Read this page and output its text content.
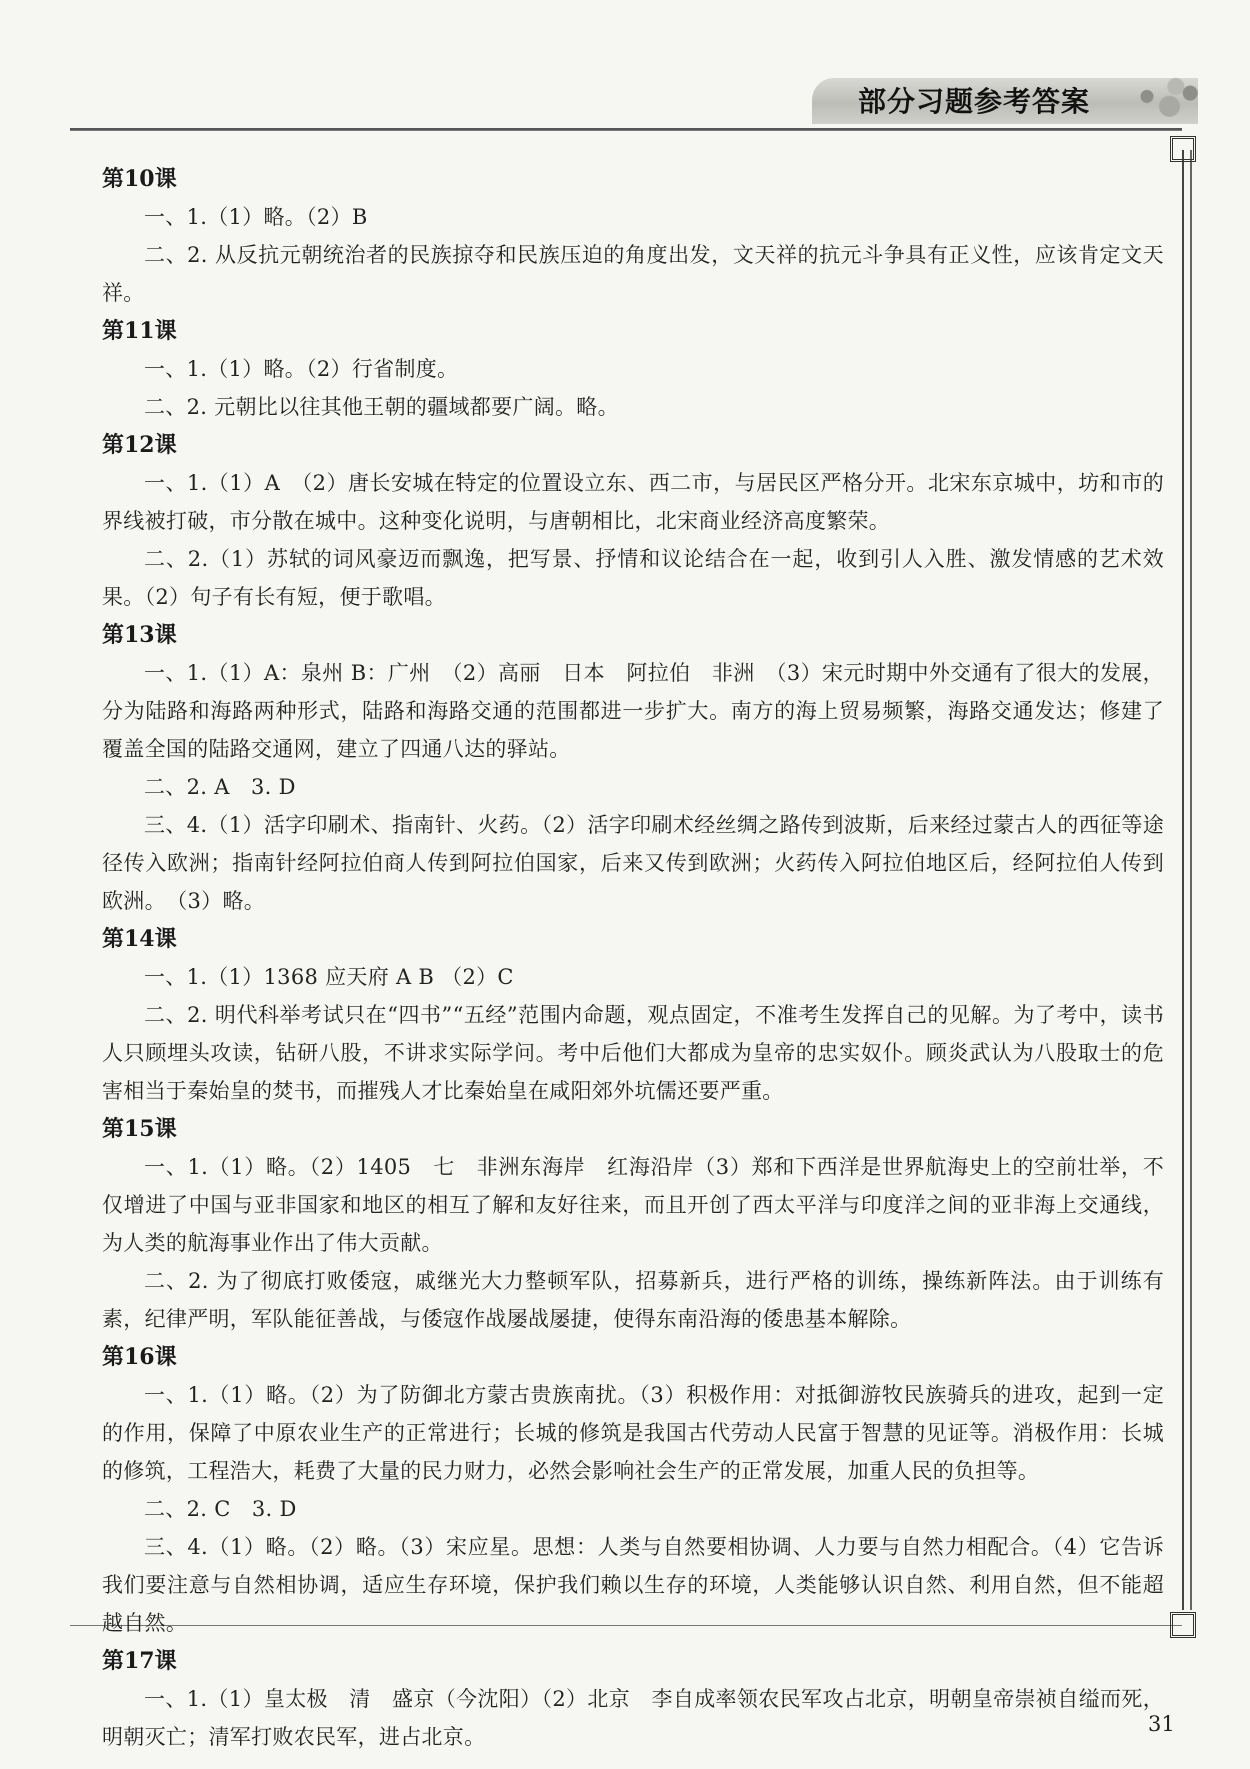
部分习题参考答案
第10课

一、1.（1）略。（2）B

二、2. 从反抗元朝统治者的民族掠夺和民族压迫的角度出发，文天祥的抗元斗争具有正义性，应该肯定文天祥。

第11课

一、1.（1）略。（2）行省制度。

二、2. 元朝比以往其他王朝的疆域都要广阔。略。

第12课

一、1.（1）A　（2）唐长安城在特定的位置设立东、西二市，与居民区严格分开。北宋东京城中，坊和市的界线被打破，市分散在城中。这种变化说明，与唐朝相比，北宋商业经济高度繁荣。

二、2.（1）苏轼的词风豪迈而飘逸，把写景、抒情和议论结合在一起，收到引人入胜、激发情感的艺术效果。（2）句子有长有短，便于歌唱。

第13课

一、1.（1）A：泉州 B：广州　（2）高丽　日本　阿拉伯　非洲　（3）宋元时期中外交通有了很大的发展，分为陆路和海路两种形式，陆路和海路交通的范围都进一步扩大。南方的海上贸易频繁，海路交通发达；修建了覆盖全国的陆路交通网，建立了四通八达的驿站。

二、2. A　3. D

三、4.（1）活字印刷术、指南针、火药。（2）活字印刷术经丝绸之路传到波斯，后来经过蒙古人的西征等途径传入欧洲；指南针经阿拉伯商人传到阿拉伯国家，后来又传到欧洲；火药传入阿拉伯地区后，经阿拉伯人传到欧洲。　（3）略。

第14课

一、1.（1）1368 应天府 A B （2）C

二、2. 明代科举考试只在“四书”“五经”范围内命题，观点固定，不准考生发挥自己的见解。为了考中，读书人只顾埋头攻读，钻研八股，不讲求实际学问。考中后他们大都成为皇帝的忠实奴仆。顾炎武认为八股取士的危害相当于秦始皇的焚书，而摧残人才比秦始皇在咸阳郊外坑儒还要严重。

第15课

一、1.（1）略。（2）1405　七　非洲东海岸　红海沿岸（3）郑和下西洋是世界航海史上的空前壮举，不仅增进了中国与亚非国家和地区的相互了解和友好往来，而且开创了西太平洋与印度洋之间的亚非海上交通线，为人类的航海事业作出了伟大贡献。

二、2. 为了彻底打败倭寇，戚继光大力整顿军队，招募新兵，进行严格的训练，操练新阵法。由于训练有素，纪律严明，军队能征善战，与倭寇作战屡战屡捷，使得东南沿海的倭患基本解除。

第16课

一、1.（1）略。（2）为了防御北方蒙古贵族南扰。（3）积极作用：对抵御游牧民族骑兵的进攻，起到一定的作用，保障了中原农业生产的正常进行；长城的修筑是我国古代劳动人民富于智慧的见证等。消极作用：长城的修筑，工程浩大，耗费了大量的民力财力，必然会影响社会生产的正常发展，加重人民的负担等。

二、2. C　3. D

三、4.（1）略。（2）略。（3）宋应星。思想：人类与自然要相协调、人力要与自然力相配合。（4）它告诉我们要注意与自然相协调，适应生存环境，保护我们赖以生存的环境，人类能够认识自然、利用自然，但不能超越自然。

第17课

一、1.（1）皇太极　清　盛京（今沈阳）（2）北京　李自成率领农民军攻占北京，明朝皇帝崇祯自缢而死，明朝灭亡；清军打败农民军，进占北京。

31
